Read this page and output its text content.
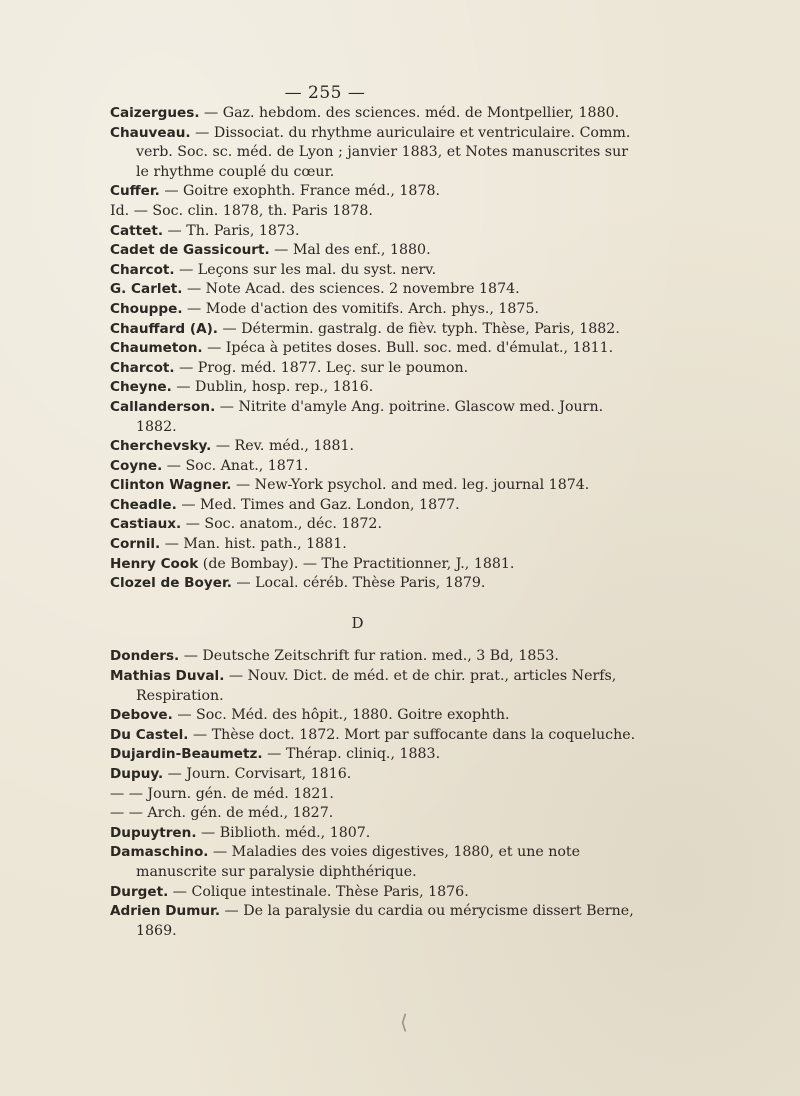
— 255 —

Caizergues. — Gaz. hebdom. des sciences. méd. de Montpellier, 1880.

Chauveau. — Dissociat. du rhythme auriculaire et ventriculaire. Comm. verb. Soc. sc. méd. de Lyon ; janvier 1883, et Notes manuscrites sur le rhythme couplé du cœur.

Cuffer. — Goitre exophth. France méd., 1878.

Id. — Soc. clin. 1878, th. Paris 1878.

Cattet. — Th. Paris, 1873.

Cadet de Gassicourt. — Mal des enf., 1880.

Charcot. — Leçons sur les mal. du syst. nerv.

G. Carlet. — Note Acad. des sciences. 2 novembre 1874.

Chouppe. — Mode d'action des vomitifs. Arch. phys., 1875.

Chauffard (A). — Détermin. gastralg. de fièv. typh. Thèse, Paris, 1882.

Chaumeton. — Ipéca à petites doses. Bull. soc. med. d'émulat., 1811.

Charcot. — Prog. méd. 1877. Leç. sur le poumon.

Cheyne. — Dublin, hosp. rep., 1816.

Callanderson. — Nitrite d'amyle Ang. poitrine. Glascow med. Journ. 1882.

Cherchevsky. — Rev. méd., 1881.

Coyne. — Soc. Anat., 1871.

Clinton Wagner. — New-York psychol. and med. leg. journal 1874.

Cheadle. — Med. Times and Gaz. London, 1877.

Castiaux. — Soc. anatom., déc. 1872.

Cornil. — Man. hist. path., 1881.

Henry Cook (de Bombay). — The Practitionner, J., 1881.

Clozel de Boyer. — Local. céréb. Thèse Paris, 1879.

D

Donders. — Deutsche Zeitschrift fur ration. med., 3 Bd, 1853.

Mathias Duval. — Nouv. Dict. de méd. et de chir. prat., articles Nerfs, Respiration.

Debove. — Soc. Méd. des hôpit., 1880. Goitre exophth.

Du Castel. — Thèse doct. 1872. Mort par suffocante dans la coqueluche.

Dujardin-Beaumetz. — Thérap. cliniq., 1883.

Dupuy. — Journ. Corvisart, 1816.

— — Journ. gén. de méd. 1821.

— — Arch. gén. de méd., 1827.

Dupuytren. — Biblioth. méd., 1807.

Damaschino. — Maladies des voies digestives, 1880, et une note manuscrite sur paralysie diphthérique.

Durget. — Colique intestinale. Thèse Paris, 1876.

Adrien Dumur. — De la paralysie du cardia ou mérycisme dissert Berne, 1869.

⟨
